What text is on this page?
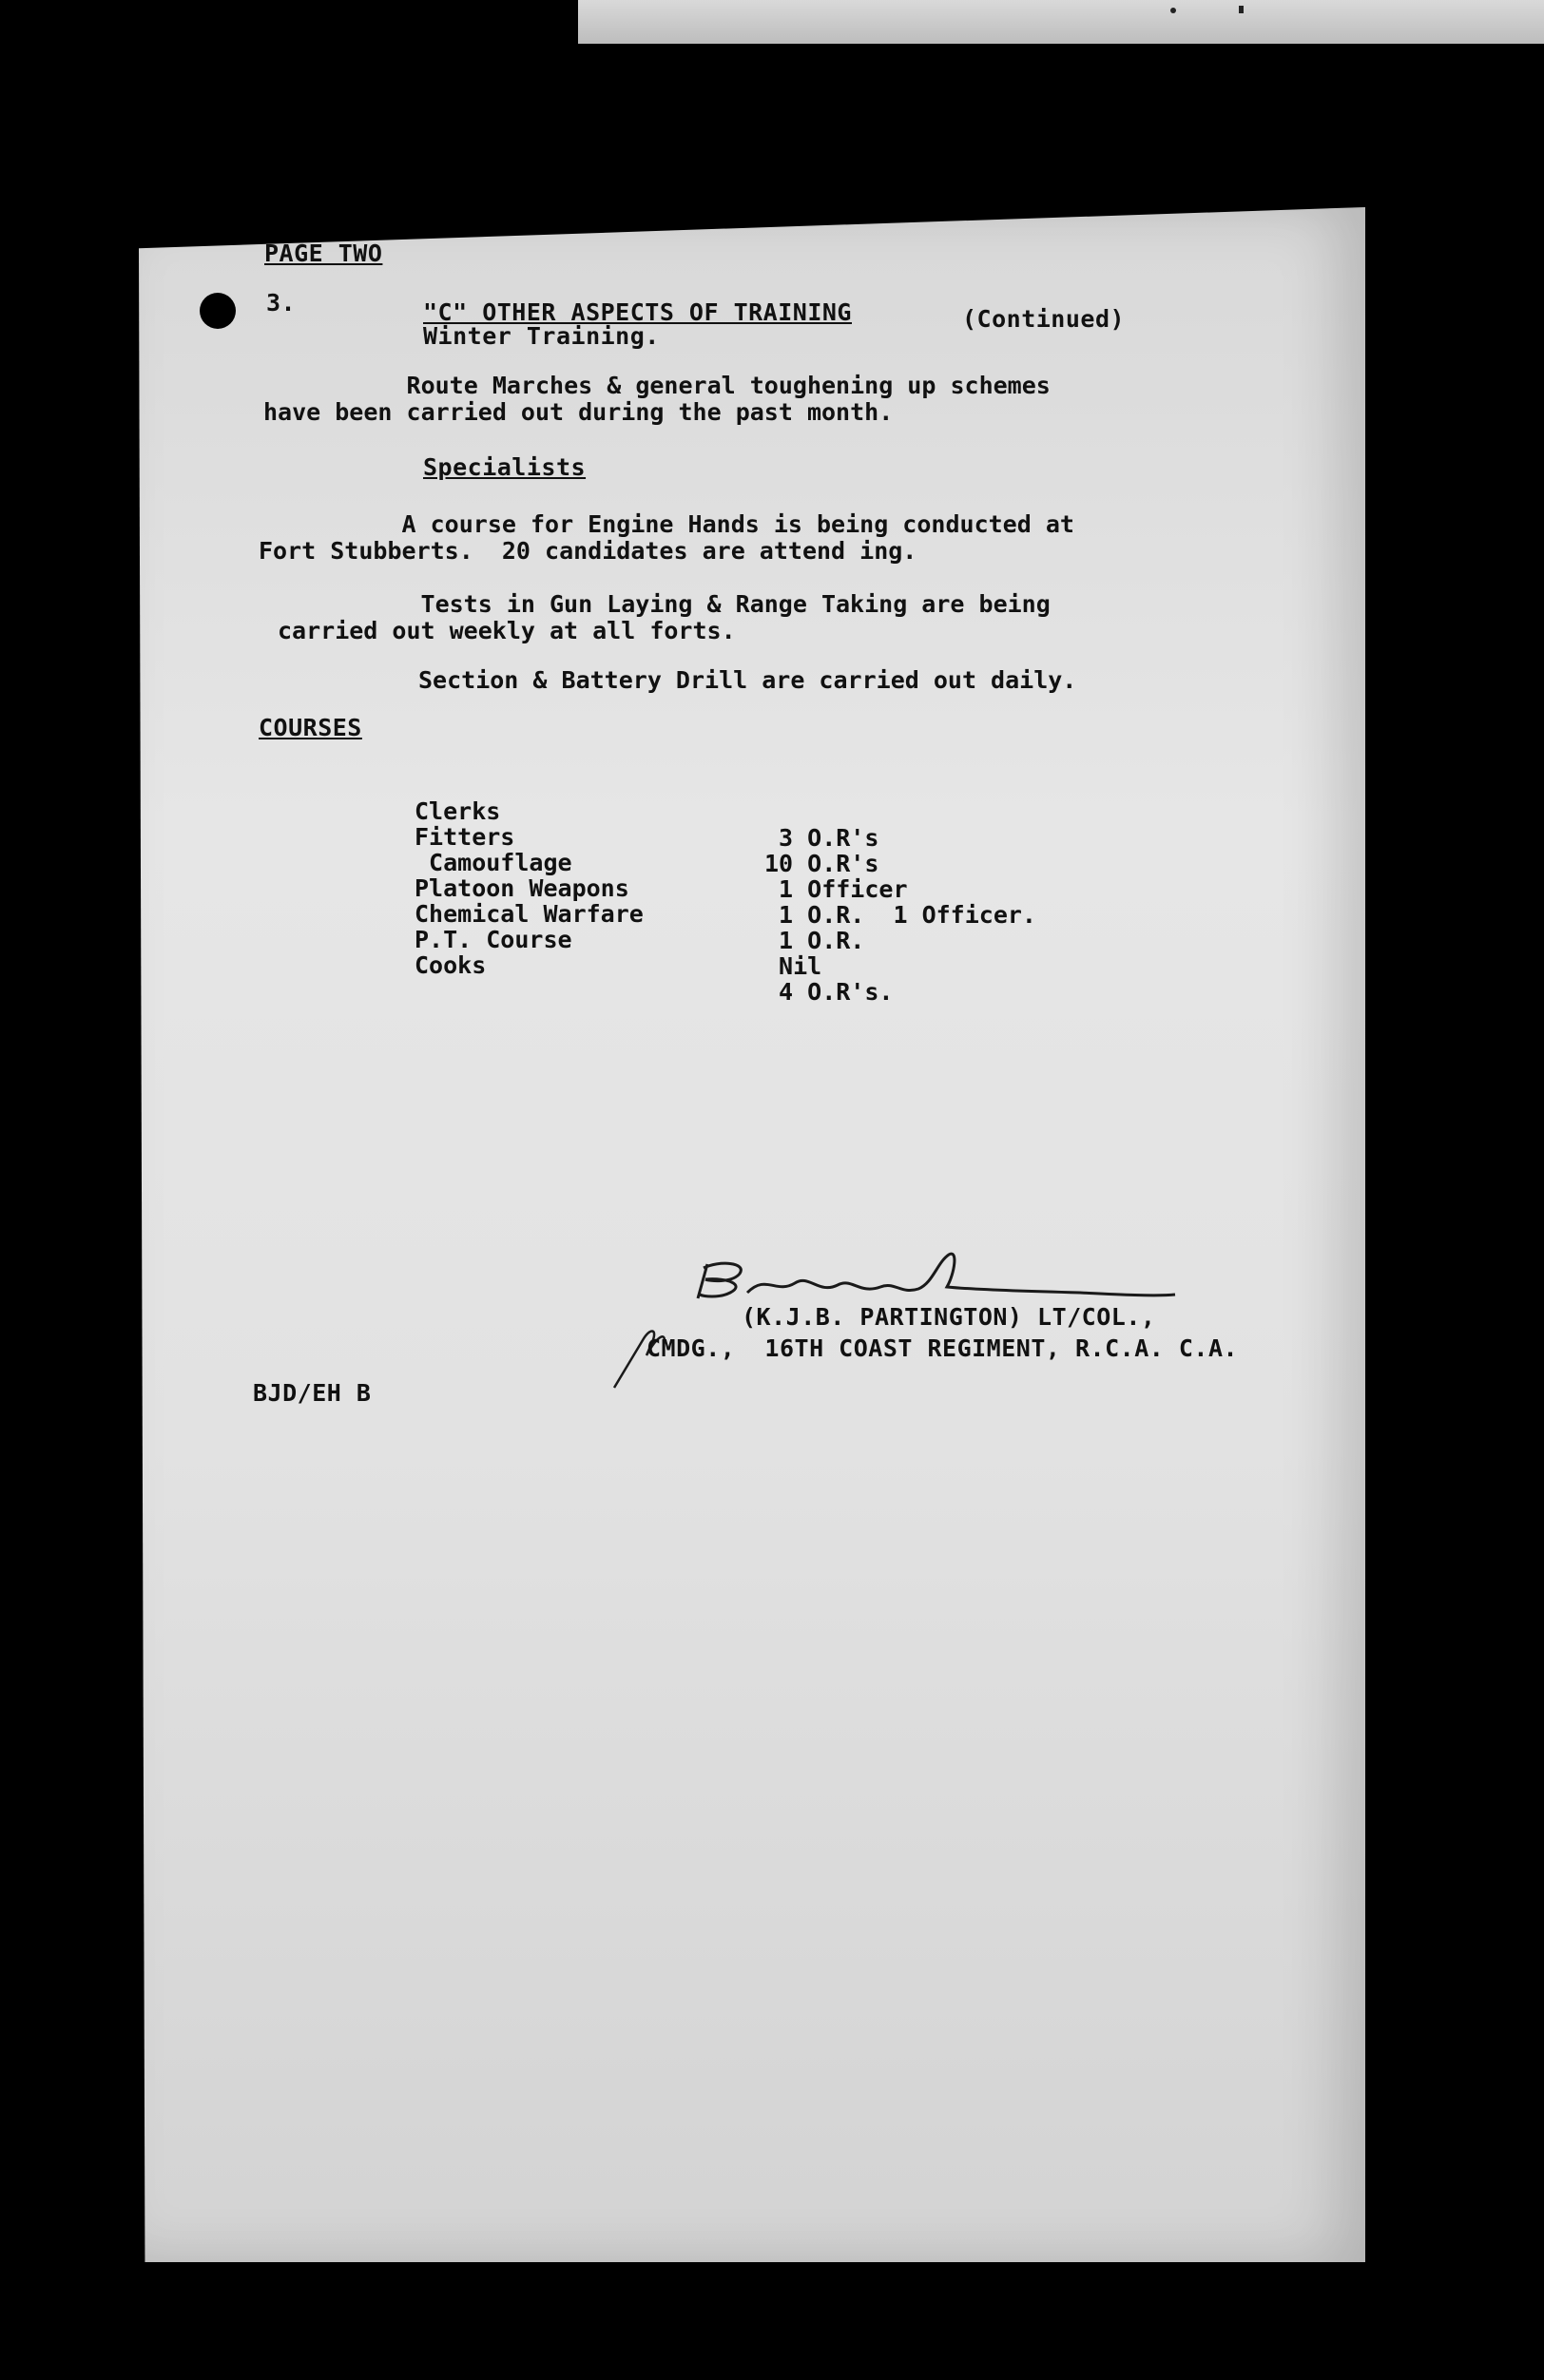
PAGE TWO
3.	"C" OTHER ASPECTS OF TRAINING	(Continued)
Winter Training.
Route Marches & general toughening up schemes
have been carried out during the past month.
Specialists
A course for Engine Hands is being conducted at
Fort Stubberts.  20 candidates are attend ing.
Tests in Gun Laying & Range Taking are being
carried out weekly at all forts.
Section & Battery Drill are carried out daily.
COURSES

Clerks

3 O.R's

Fitters

10 O.R's

Camouflage

1 Officer

Platoon Weapons

1 O.R.  1 Officer.

Chemical Warfare

1 O.R.

P.T. Course

Nil

Cooks

4 O.R's.

(K.J.B. PARTINGTON) LT/COL.,
CMDG.,  16TH COAST REGIMENT, R.C.A. C.A.
BJD/EH B
